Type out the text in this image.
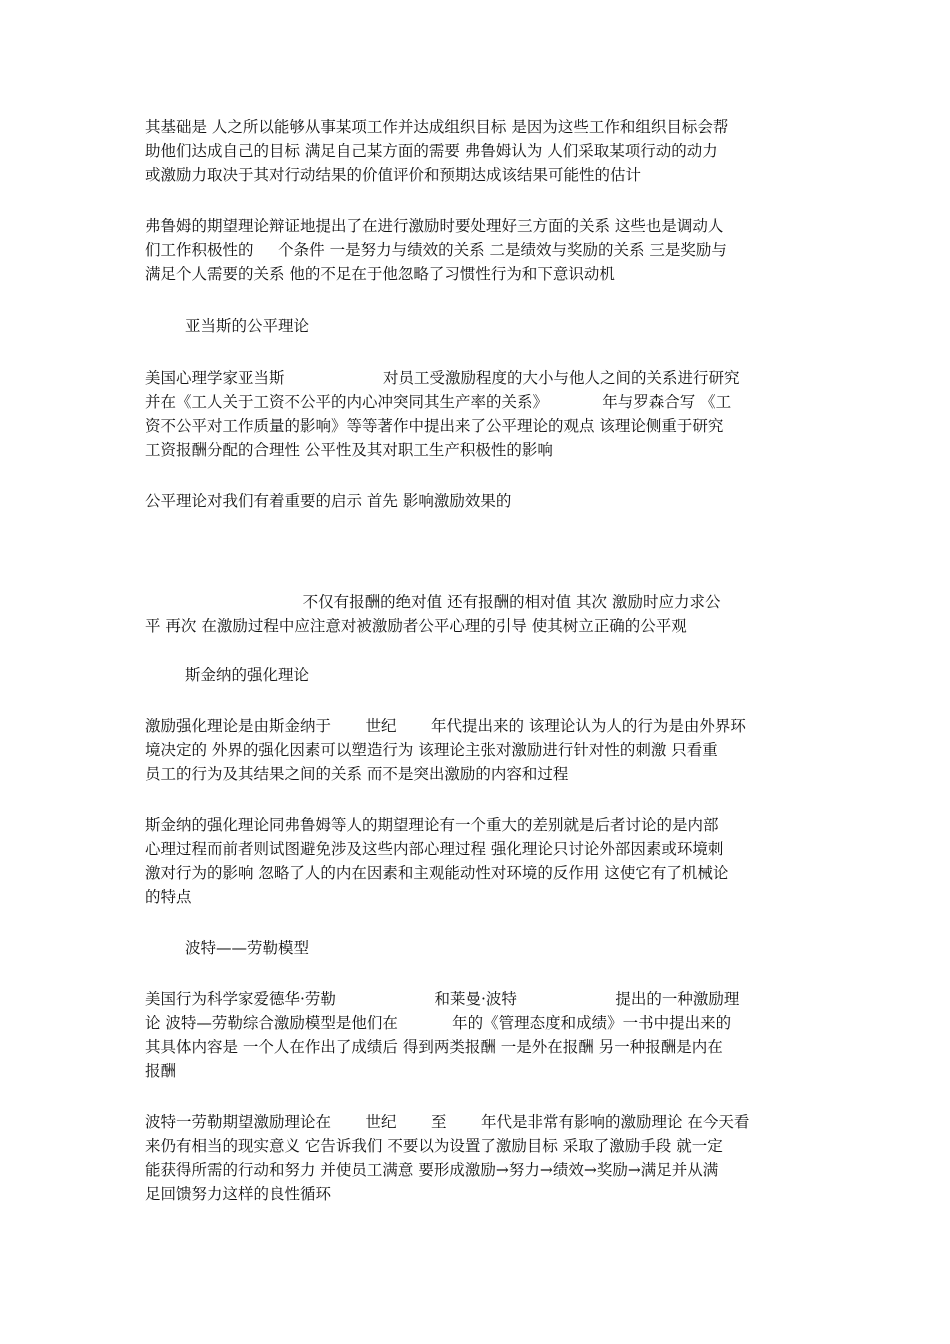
其基础是 人之所以能够从事某项工作并达成组织目标 是因为这些工作和组织目标会帮
助他们达成自己的目标 满足自己某方面的需要 弗鲁姆认为 人们采取某项行动的动力
或激励力取决于其对行动结果的价值评价和预期达成该结果可能性的估计
弗鲁姆的期望理论辩证地提出了在进行激励时要处理好三方面的关系 这些也是调动人
们工作积极性的     个条件 一是努力与绩效的关系 二是绩效与奖励的关系 三是奖励与
满足个人需要的关系 他的不足在于他忽略了习惯性行为和下意识动机
亚当斯的公平理论
美国心理学家亚当斯                    对员工受激励程度的大小与他人之间的关系进行研究
并在《工人关于工资不公平的内心冲突同其生产率的关系》           年与罗森合写 《工
资不公平对工作质量的影响》等等著作中提出来了公平理论的观点 该理论侧重于研究
工资报酬分配的合理性 公平性及其对职工生产积极性的影响
公平理论对我们有着重要的启示 首先 影响激励效果的
不仅有报酬的绝对值 还有报酬的相对值 其次 激励时应力求公
平 再次 在激励过程中应注意对被激励者公平心理的引导 使其树立正确的公平观
斯金纳的强化理论
激励强化理论是由斯金纳于       世纪       年代提出来的 该理论认为人的行为是由外界环
境决定的 外界的强化因素可以塑造行为 该理论主张对激励进行针对性的刺激 只看重
员工的行为及其结果之间的关系 而不是突出激励的内容和过程
斯金纳的强化理论同弗鲁姆等人的期望理论有一个重大的差别就是后者讨论的是内部
心理过程而前者则试图避免涉及这些内部心理过程 强化理论只讨论外部因素或环境刺
激对行为的影响 忽略了人的内在因素和主观能动性对环境的反作用 这使它有了机械论
的特点
波特——劳勒模型
美国行为科学家爱德华·劳勒                    和莱曼·波特                    提出的一种激励理
论 波特—劳勒综合激励模型是他们在           年的《管理态度和成绩》一书中提出来的
其具体内容是 一个人在作出了成绩后 得到两类报酬 一是外在报酬 另一种报酬是内在
报酬
波特一劳勒期望激励理论在       世纪       至       年代是非常有影响的激励理论 在今天看
来仍有相当的现实意义 它告诉我们 不要以为设置了激励目标 采取了激励手段 就一定
能获得所需的行动和努力 并使员工满意 要形成激励→努力→绩效→奖励→满足并从满
足回馈努力这样的良性循环
